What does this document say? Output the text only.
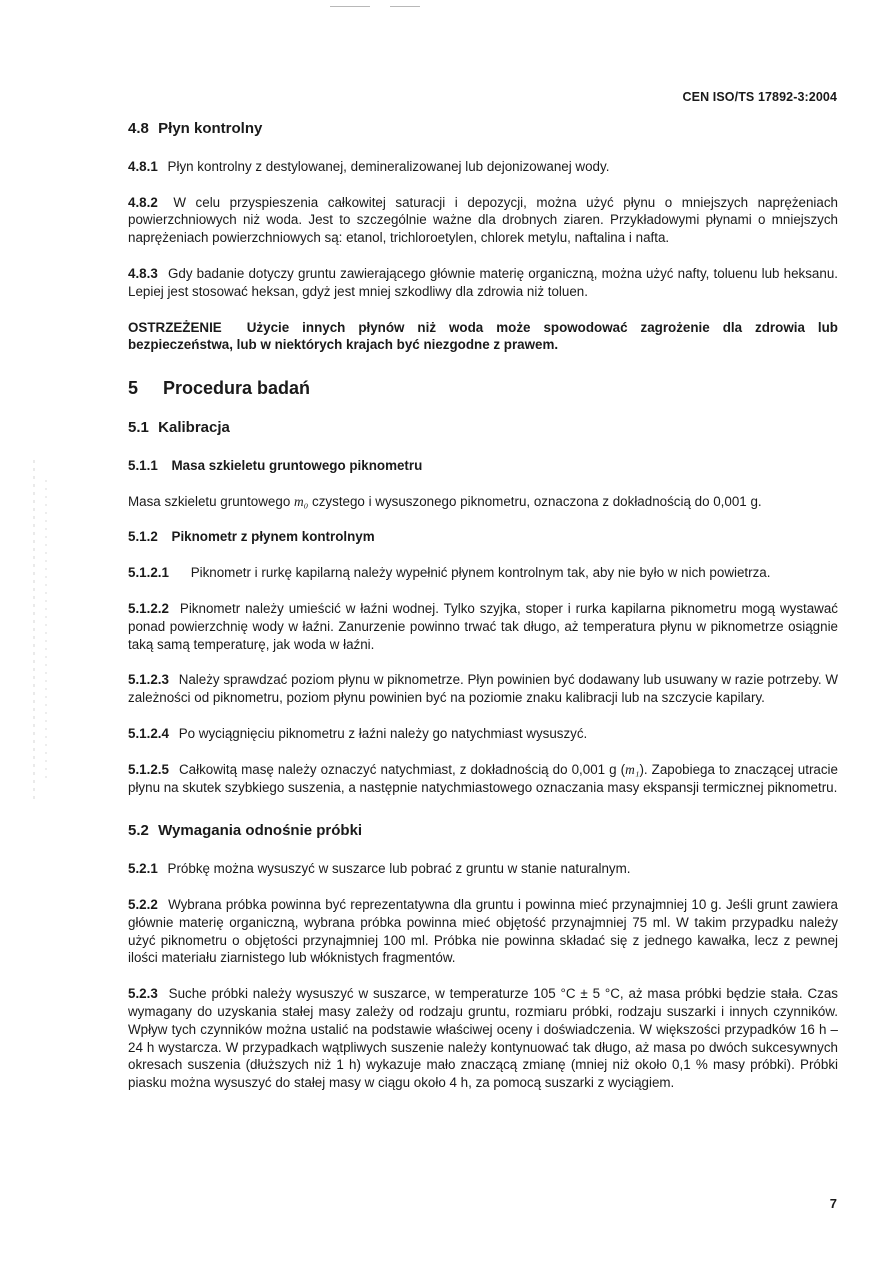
CEN ISO/TS 17892-3:2004
4.8 Płyn kontrolny

4.8.1 Płyn kontrolny z destylowanej, demineralizowanej lub dejonizowanej wody.

4.8.2 W celu przyspieszenia całkowitej saturacji i depozycji, można użyć płynu o mniejszych naprężeniach powierzchniowych niż woda. Jest to szczególnie ważne dla drobnych ziaren. Przykładowymi płynami o mniejszych naprężeniach powierzchniowych są: etanol, trichloroetylen, chlorek metylu, naftalina i nafta.

4.8.3 Gdy badanie dotyczy gruntu zawierającego głównie materię organiczną, można użyć nafty, toluenu lub heksanu. Lepiej jest stosować heksan, gdyż jest mniej szkodliwy dla zdrowia niż toluen.

OSTRZEŻENIE Użycie innych płynów niż woda może spowodować zagrożenie dla zdrowia lub bezpieczeństwa, lub w niektórych krajach być niezgodne z prawem.

5 Procedura badań
5.1 Kalibracja
5.1.1 Masa szkieletu gruntowego piknometru

Masa szkieletu gruntowego m₀ czystego i wysuszonego piknometru, oznaczona z dokładnością do 0,001 g.

5.1.2 Piknometr z płynem kontrolnym

5.1.2.1 Piknometr i rurkę kapilarną należy wypełnić płynem kontrolnym tak, aby nie było w nich powietrza.

5.1.2.2 Piknometr należy umieścić w łaźni wodnej. Tylko szyjka, stoper i rurka kapilarna piknometru mogą wystawać ponad powierzchnię wody w łaźni. Zanurzenie powinno trwać tak długo, aż temperatura płynu w piknometrze osiągnie taką samą temperaturę, jak woda w łaźni.

5.1.2.3 Należy sprawdzać poziom płynu w piknometrze. Płyn powinien być dodawany lub usuwany w razie potrzeby. W zależności od piknometru, poziom płynu powinien być na poziomie znaku kalibracji lub na szczycie kapilary.

5.1.2.4 Po wyciągnięciu piknometru z łaźni należy go natychmiast wysuszyć.

5.1.2.5 Całkowitą masę należy oznaczyć natychmiast, z dokładnością do 0,001 g (m₁). Zapobiega to znaczącej utracie płynu na skutek szybkiego suszenia, a następnie natychmiastowego oznaczania masy ekspansji termicznej piknometru.

5.2 Wymagania odnośnie próbki

5.2.1 Próbkę można wysuszyć w suszarce lub pobrać z gruntu w stanie naturalnym.

5.2.2 Wybrana próbka powinna być reprezentatywna dla gruntu i powinna mieć przynajmniej 10 g. Jeśli grunt zawiera głównie materię organiczną, wybrana próbka powinna mieć objętość przynajmniej 75 ml. W takim przypadku należy użyć piknometru o objętości przynajmniej 100 ml. Próbka nie powinna składać się z jednego kawałka, lecz z pewnej ilości materiału ziarnistego lub włóknistych fragmentów.

5.2.3 Suche próbki należy wysuszyć w suszarce, w temperaturze 105 °C ± 5 °C, aż masa próbki będzie stała. Czas wymagany do uzyskania stałej masy zależy od rodzaju gruntu, rozmiaru próbki, rodzaju suszarki i innych czynników. Wpływ tych czynników można ustalić na podstawie właściwej oceny i doświadczenia. W większości przypadków 16 h – 24 h wystarcza. W przypadkach wątpliwych suszenie należy kontynuować tak długo, aż masa po dwóch sukcesywnych okresach suszenia (dłuższych niż 1 h) wykazuje mało znaczącą zmianę (mniej niż około 0,1 % masy próbki). Próbki piasku można wysuszyć do stałej masy w ciągu około 4 h, za pomocą suszarki z wyciągiem.

7
